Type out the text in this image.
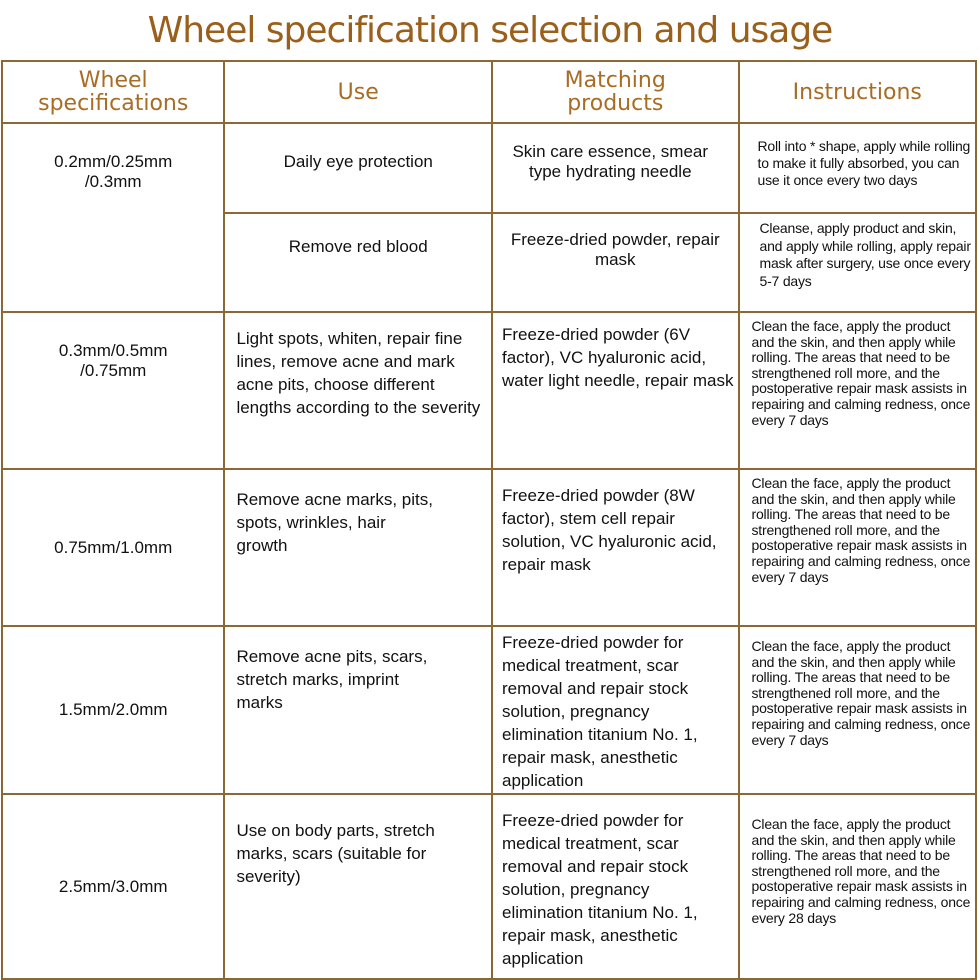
Wheel specification selection and usage
Wheel specifications	Use	Matching products	Instructions

0.2mm/0.25mm /0.3mm	Daily eye protection	Skin care essence, smear type hydrating needle	Roll into * shape, apply while rolling to make it fully absorbed, you can use it once every two days
	Remove red blood	Freeze-dried powder, repair mask	Cleanse, apply product and skin, and apply while rolling, apply repair mask after surgery, use once every 5-7 days

0.3mm/0.5mm /0.75mm	Light spots, whiten, repair fine lines, remove acne and mark acne pits, choose different lengths according to the severity	Freeze-dried powder (6V factor), VC hyaluronic acid, water light needle, repair mask	Clean the face, apply the product and the skin, and then apply while rolling. The areas that need to be strengthened roll more, and the postoperative repair mask assists in repairing and calming redness, once every 7 days

0.75mm/1.0mm	Remove acne marks, pits, spots, wrinkles, hair growth	Freeze-dried powder (8W factor), stem cell repair solution, VC hyaluronic acid, repair mask	Clean the face, apply the product and the skin, and then apply while rolling. The areas that need to be strengthened roll more, and the postoperative repair mask assists in repairing and calming redness, once every 7 days

1.5mm/2.0mm	Remove acne pits, scars, stretch marks, imprint marks	Freeze-dried powder for medical treatment, scar removal and repair stock solution, pregnancy elimination titanium No. 1, repair mask, anesthetic application	Clean the face, apply the product and the skin, and then apply while rolling. The areas that need to be strengthened roll more, and the postoperative repair mask assists in repairing and calming redness, once every 7 days

2.5mm/3.0mm	Use on body parts, stretch marks, scars (suitable for severity)	Freeze-dried powder for medical treatment, scar removal and repair stock solution, pregnancy elimination titanium No. 1, repair mask, anesthetic application	Clean the face, apply the product and the skin, and then apply while rolling. The areas that need to be strengthened roll more, and the postoperative repair mask assists in repairing and calming redness, once every 28 days
